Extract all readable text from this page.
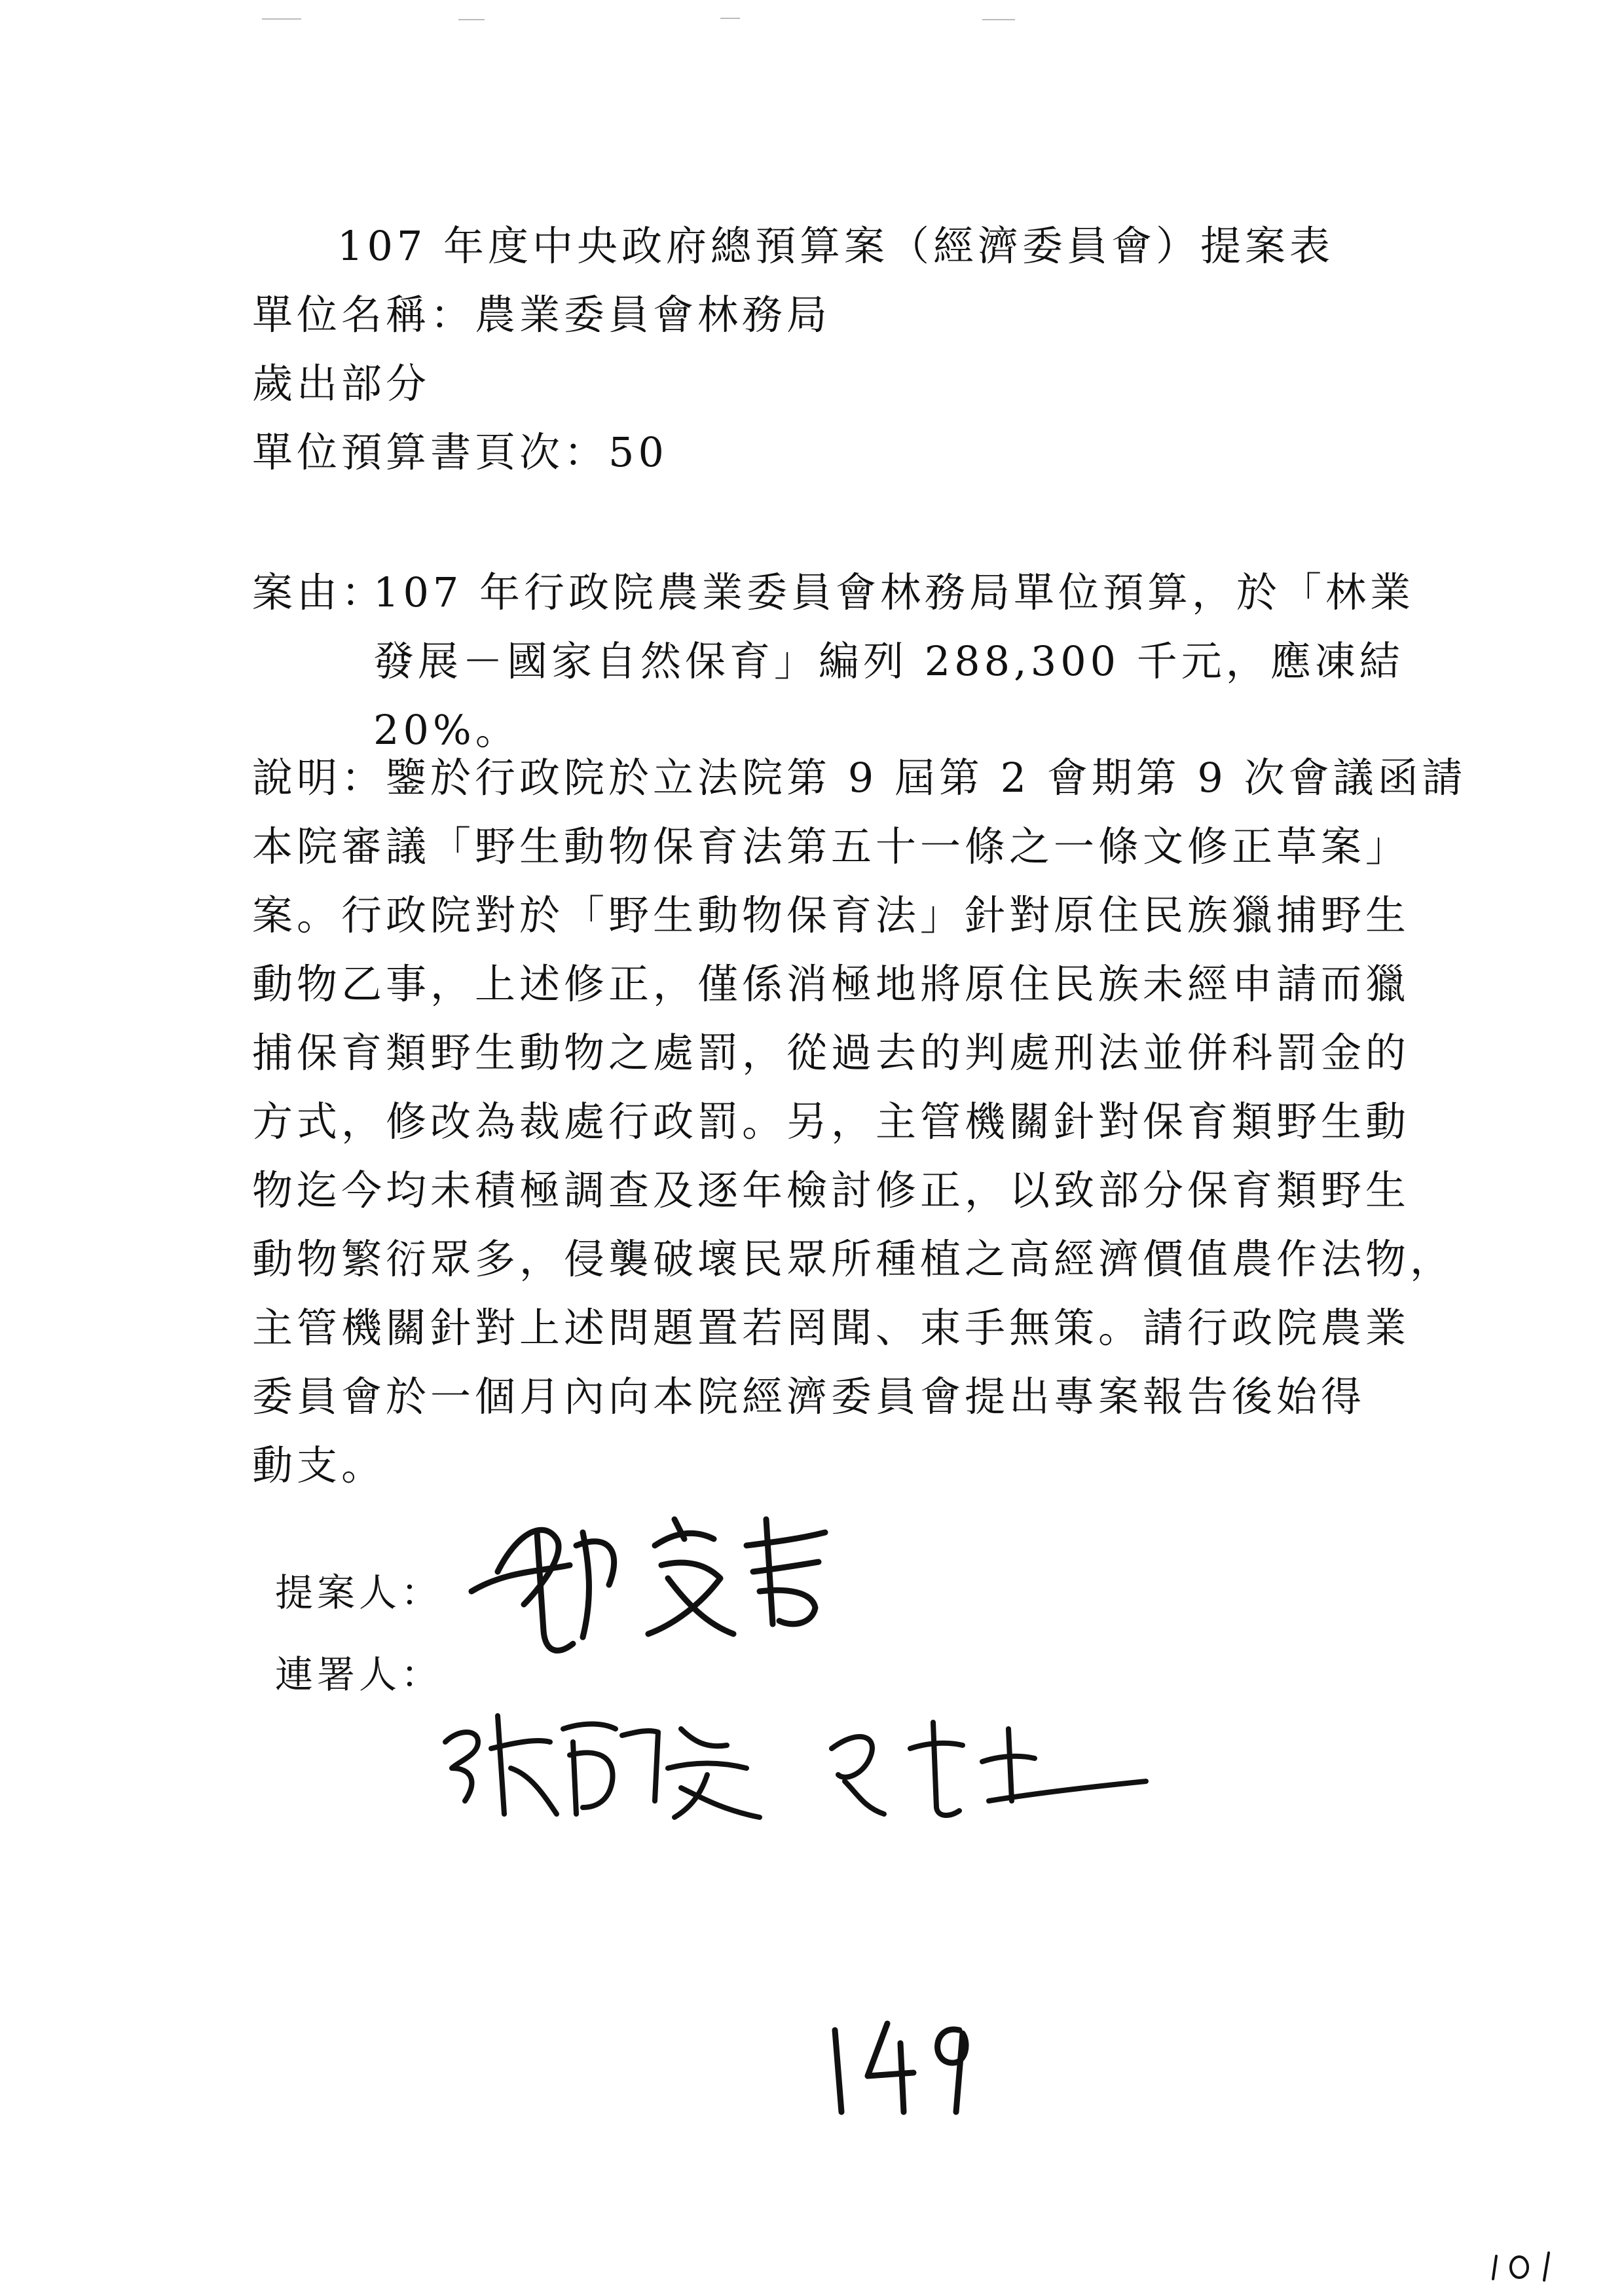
107 年度中央政府總預算案（經濟委員會）提案表
單位名稱：農業委員會林務局
歲出部分
單位預算書頁次：50
案由：
107 年行政院農業委員會林務局單位預算，於「林業
發展－國家自然保育」編列 288,300 千元，應凍結
20%。
說明：鑒於行政院於立法院第 9 屆第 2 會期第 9 次會議函請
本院審議「野生動物保育法第五十一條之一條文修正草案」
案。行政院對於「野生動物保育法」針對原住民族獵捕野生
動物乙事，上述修正，僅係消極地將原住民族未經申請而獵
捕保育類野生動物之處罰，從過去的判處刑法並併科罰金的
方式，修改為裁處行政罰。另，主管機關針對保育類野生動
物迄今均未積極調查及逐年檢討修正，以致部分保育類野生
動物繁衍眾多，侵襲破壞民眾所種植之高經濟價值農作法物，
主管機關針對上述問題置若罔聞、束手無策。請行政院農業
委員會於一個月內向本院經濟委員會提出專案報告後始得
動支。
提案人：
連署人：
